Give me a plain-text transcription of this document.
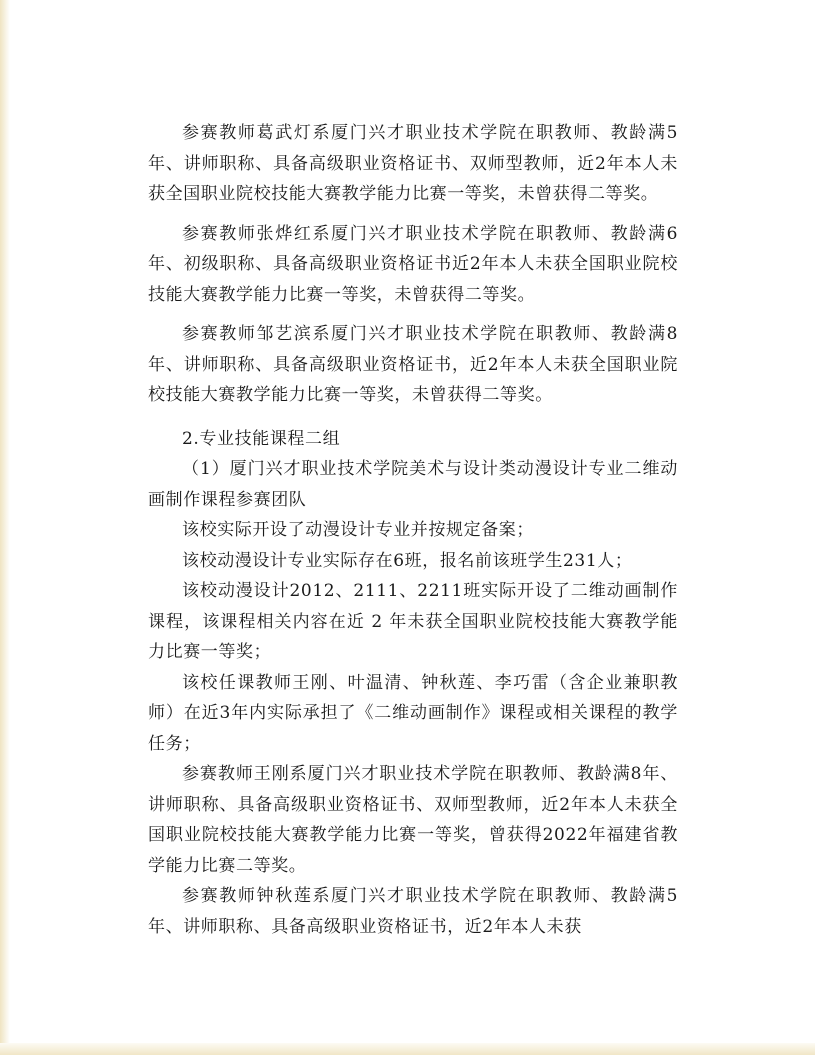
参赛教师葛武灯系厦门兴才职业技术学院在职教师、教龄满5年、讲师职称、具备高级职业资格证书、双师型教师，近2年本人未获全国职业院校技能大赛教学能力比赛一等奖，未曾获得二等奖。

参赛教师张烨红系厦门兴才职业技术学院在职教师、教龄满6年、初级职称、具备高级职业资格证书近2年本人未获全国职业院校技能大赛教学能力比赛一等奖，未曾获得二等奖。

参赛教师邹艺滨系厦门兴才职业技术学院在职教师、教龄满8年、讲师职称、具备高级职业资格证书，近2年本人未获全国职业院校技能大赛教学能力比赛一等奖，未曾获得二等奖。

2.专业技能课程二组

（1）厦门兴才职业技术学院美术与设计类动漫设计专业二维动画制作课程参赛团队

该校实际开设了动漫设计专业并按规定备案；

该校动漫设计专业实际存在6班，报名前该班学生231人；

该校动漫设计2012、2111、2211班实际开设了二维动画制作课程，该课程相关内容在近 2 年未获全国职业院校技能大赛教学能力比赛一等奖；

该校任课教师王刚、叶温清、钟秋莲、李巧雷（含企业兼职教师）在近3年内实际承担了《二维动画制作》课程或相关课程的教学任务；

参赛教师王刚系厦门兴才职业技术学院在职教师、教龄满8年、讲师职称、具备高级职业资格证书、双师型教师，近2年本人未获全国职业院校技能大赛教学能力比赛一等奖，曾获得2022年福建省教学能力比赛二等奖。

参赛教师钟秋莲系厦门兴才职业技术学院在职教师、教龄满5年、讲师职称、具备高级职业资格证书，近2年本人未获
